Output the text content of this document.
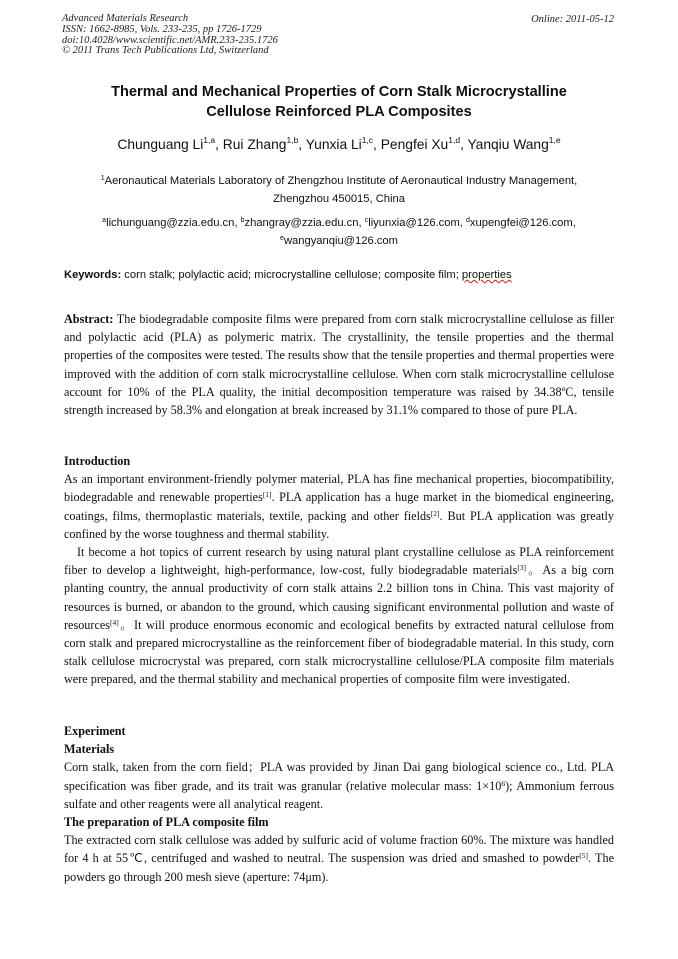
Advanced Materials Research
ISSN: 1662-8985, Vols. 233-235, pp 1726-1729
doi:10.4028/www.scientific.net/AMR.233-235.1726
© 2011 Trans Tech Publications Ltd, Switzerland
Online: 2011-05-12
Thermal and Mechanical Properties of Corn Stalk Microcrystalline
Cellulose Reinforced PLA Composites
Chunguang Li$^{1,a}$, Rui Zhang$^{1,b}$, Yunxia Li$^{1,c}$, Pengfei Xu$^{1,d}$, Yanqiu Wang$^{1,e}$
$^1$Aeronautical Materials Laboratory of Zhengzhou Institute of Aeronautical Industry Management,
Zhengzhou 450015, China
$^a$lichunguang@zzia.edu.cn, $^b$zhangray@zzia.edu.cn, $^c$liyunxia@126.com, $^d$xupengfei@126.com,
$^e$wangyanqiu@126.com
Keywords: corn stalk; polylactic acid; microcrystalline cellulose; composite film; properties

Abstract: The biodegradable composite films were prepared from corn stalk microcrystalline cellulose as filler and polylactic acid (PLA) as polymeric matrix. The crystallinity, the tensile properties and the thermal properties of the composites were tested. The results show that the tensile properties and thermal properties were improved with the addition of corn stalk microcrystalline cellulose. When corn stalk microcrystalline cellulose account for 10% of the PLA quality, the initial decomposition temperature was raised by 34.38ºC, tensile strength increased by 58.3% and elongation at break increased by 31.1% compared to those of pure PLA.

Introduction

As an important environment-friendly polymer material, PLA has fine mechanical properties, biocompatibility, biodegradable and renewable properties[1]. PLA application has a huge market in the biomedical engineering, coatings, films, thermoplastic materials, textile, packing and other fields[2]. But PLA application was greatly confined by the worse toughness and thermal stability.

It become a hot topics of current research by using natural plant crystalline cellulose as PLA reinforcement fiber to develop a lightweight, high-performance, low-cost, fully biodegradable materials[3]。As a big corn planting country, the annual productivity of corn stalk attains 2.2 billion tons in China. This vast majority of resources is burned, or abandon to the ground, which causing significant environmental pollution and waste of resources[4]。It will produce enormous economic and ecological benefits by extracted natural cellulose from corn stalk and prepared microcrystalline as the reinforcement fiber of biodegradable material. In this study, corn stalk cellulose microcrystal was prepared, corn stalk microcrystalline cellulose/PLA composite film materials were prepared, and the thermal stability and mechanical properties of composite film were investigated.

Experiment

Materials

Corn stalk, taken from the corn field；PLA was provided by Jinan Dai gang biological science co., Ltd. PLA specification was fiber grade, and its trait was granular (relative molecular mass: $1\times 10^6$); Ammonium ferrous sulfate and other reagents were all analytical reagent.

The preparation of PLA composite film

The extracted corn stalk cellulose was added by sulfuric acid of volume fraction 60%. The mixture was handled for 4 h at 55℃, centrifuged and washed to neutral. The suspension was dried and smashed to powder[5]. The powders go through 200 mesh sieve (aperture: 74μm).
